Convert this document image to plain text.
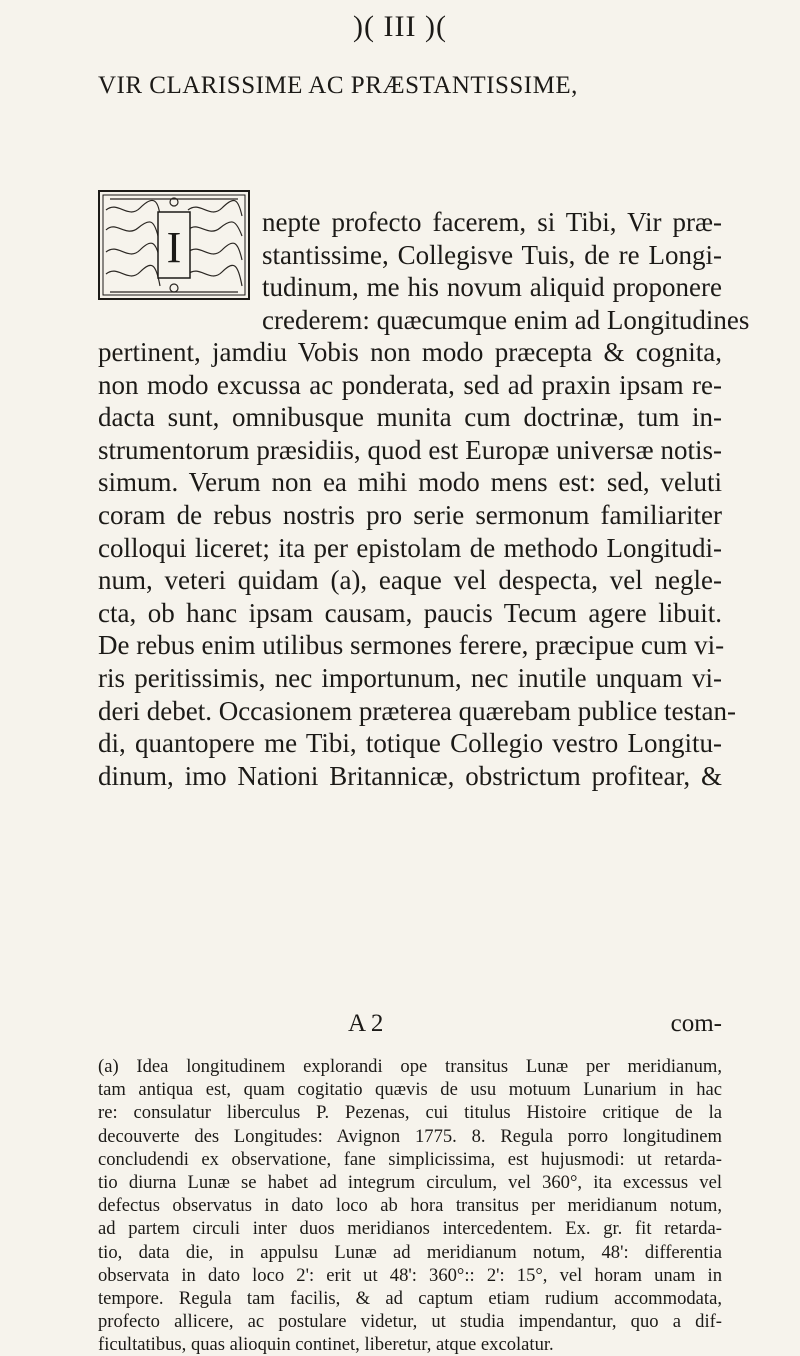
)( III )(
VIR CLARISSIME AC PRÆSTANTISSIME,
I
nepte profecto facerem, si Tibi, Vir præ-
stantissime, Collegisve Tuis, de re Longi-
tudinum, me his novum aliquid proponere
crederem: quæcumque enim ad Longitudines
pertinent, jamdiu Vobis non modo præcepta & cognita,
non modo excussa ac ponderata, sed ad praxin ipsam re-
dacta sunt, omnibusque munita cum doctrinæ, tum in-
strumentorum præsidiis, quod est Europæ universæ notis-
simum. Verum non ea mihi modo mens est: sed, veluti
coram de rebus nostris pro serie sermonum familiariter
colloqui liceret; ita per epistolam de methodo Longitudi-
num, veteri quidam (a), eaque vel despecta, vel negle-
cta, ob hanc ipsam causam, paucis Tecum agere libuit.
De rebus enim utilibus sermones ferere, præcipue cum vi-
ris peritissimis, nec importunum, nec inutile unquam vi-
deri debet. Occasionem præterea quærebam publice testan-
di, quantopere me Tibi, totique Collegio vestro Longitu-
dinum, imo Nationi Britannicæ, obstrictum profitear, &
A 2	com-
(a) Idea longitudinem explorandi ope transitus Lunæ per meridianum,
tam antiqua est, quam cogitatio quævis de usu motuum Lunarium in hac
re: consulatur liberculus P. Pezenas, cui titulus Histoire critique de la
decouverte des Longitudes: Avignon 1775. 8. Regula porro longitudinem
concludendi ex observatione, fane simplicissima, est hujusmodi: ut retarda-
tio diurna Lunæ se habet ad integrum circulum, vel 360°, ita excessus vel
defectus observatus in dato loco ab hora transitus per meridianum notum,
ad partem circuli inter duos meridianos intercedentem. Ex. gr. fit retarda-
tio, data die, in appulsu Lunæ ad meridianum notum, 48': differentia
observata in dato loco 2': erit ut 48': 360°:: 2': 15°, vel horam unam in
tempore. Regula tam facilis, & ad captum etiam rudium accommodata,
profecto allicere, ac postulare videtur, ut studia impendantur, quo a dif-
ficultatibus, quas alioquin continet, liberetur, atque excolatur.
